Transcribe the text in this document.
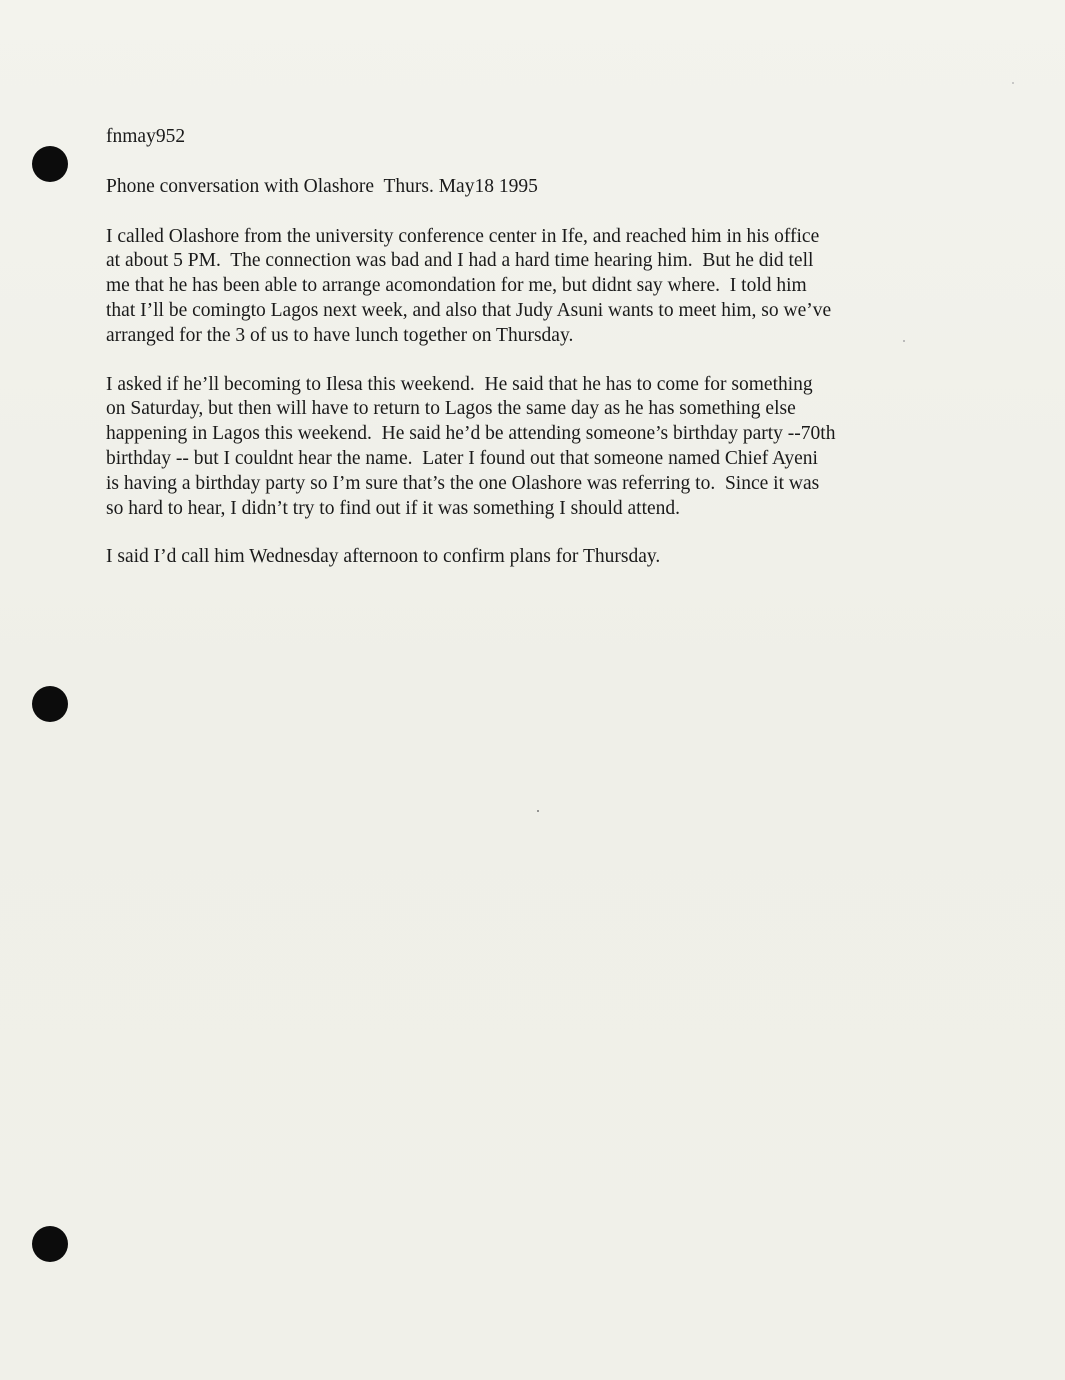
fnmay952

Phone conversation with Olashore  Thurs. May18 1995

I called Olashore from the university conference center in Ife, and reached him in his office
at about 5 PM.  The connection was bad and I had a hard time hearing him.  But he did tell
me that he has been able to arrange acomondation for me, but didnt say where.  I told him
that I’ll be comingto Lagos next week, and also that Judy Asuni wants to meet him, so we’ve
arranged for the 3 of us to have lunch together on Thursday.

I asked if he’ll becoming to Ilesa this weekend.  He said that he has to come for something
on Saturday, but then will have to return to Lagos the same day as he has something else
happening in Lagos this weekend.  He said he’d be attending someone’s birthday party --70th
birthday -- but I couldnt hear the name.  Later I found out that someone named Chief Ayeni
is having a birthday party so I’m sure that’s the one Olashore was referring to.  Since it was
so hard to hear, I didn’t try to find out if it was something I should attend.

I said I’d call him Wednesday afternoon to confirm plans for Thursday.
